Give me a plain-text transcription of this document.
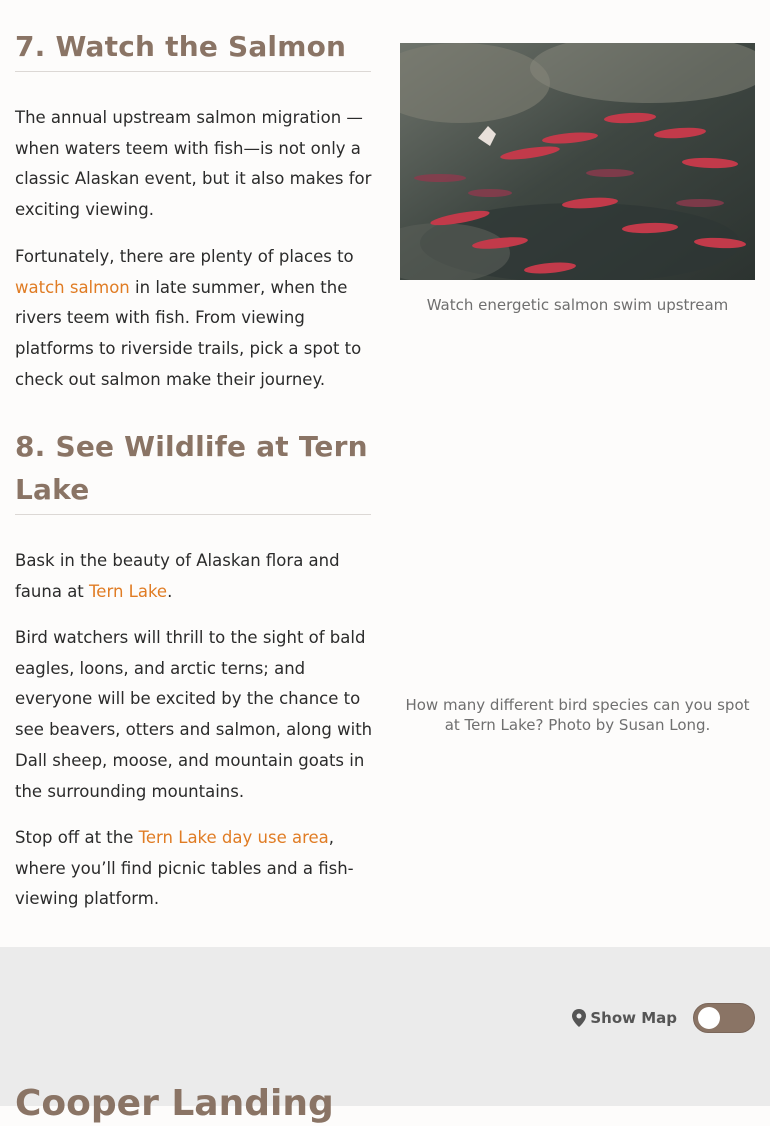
7. Watch the Salmon

The annual upstream salmon migration —when waters teem with fish—is not only a classic Alaskan event, but it also makes for exciting viewing.

Fortunately, there are plenty of places to watch salmon in late summer, when the rivers teem with fish. From viewing platforms to riverside trails, pick a spot to check out salmon make their journey.

8. See Wildlife at Tern Lake

Bask in the beauty of Alaskan flora and fauna at Tern Lake.

Bird watchers will thrill to the sight of bald eagles, loons, and arctic terns; and everyone will be excited by the chance to see beavers, otters and salmon, along with Dall sheep, moose, and mountain goats in the surrounding mountains.

Stop off at the Tern Lake day use area, where you’ll find picnic tables and a fish-viewing platform.

Watch energetic salmon swim upstream
How many different bird species can you spot at Tern Lake? Photo by Susan Long.
Show Map
Cooper Landing
